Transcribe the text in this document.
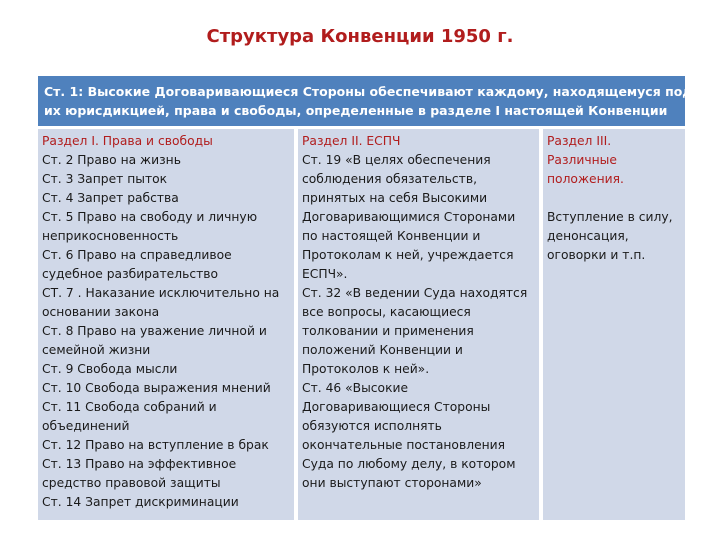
Структура Конвенции 1950 г.
Ст. 1: Высокие Договаривающиеся Стороны обеспечивают каждому, находящемуся под
их юрисдикцией, права и свободы, определенные в разделе I настоящей Конвенции
Раздел I. Права и свободы
Ст. 2 Право на жизнь
Ст. 3 Запрет пыток
Ст. 4 Запрет рабства
Ст. 5 Право на свободу и личную
неприкосновенность
Ст. 6 Право на справедливое
судебное разбирательство
СТ. 7 . Наказание исключительно на
основании закона
Ст. 8 Право на уважение личной и
семейной жизни
Ст. 9 Свобода мысли
Ст. 10 Свобода выражения мнений
Ст. 11 Свобода собраний и
объединений
Ст. 12 Право на вступление в брак
Ст. 13 Право на эффективное
средство правовой защиты
Ст. 14 Запрет дискриминации
Раздел II. ЕСПЧ
Ст. 19 «В целях обеспечения
соблюдения обязательств,
принятых на себя Высокими
Договаривающимися Сторонами
по настоящей Конвенции и
Протоколам к ней, учреждается
ЕСПЧ».
Ст. 32 «В ведении Суда находятся
все вопросы, касающиеся
толковании и применения
положений Конвенции и
Протоколов к ней».
Ст. 46 «Высокие
Договаривающиеся Стороны
обязуются исполнять
окончательные постановления
Суда по любому делу, в котором
они выступают сторонами»
Раздел III.
Различные
положения.
Вступление в силу,
денонсация,
оговорки и т.п.
